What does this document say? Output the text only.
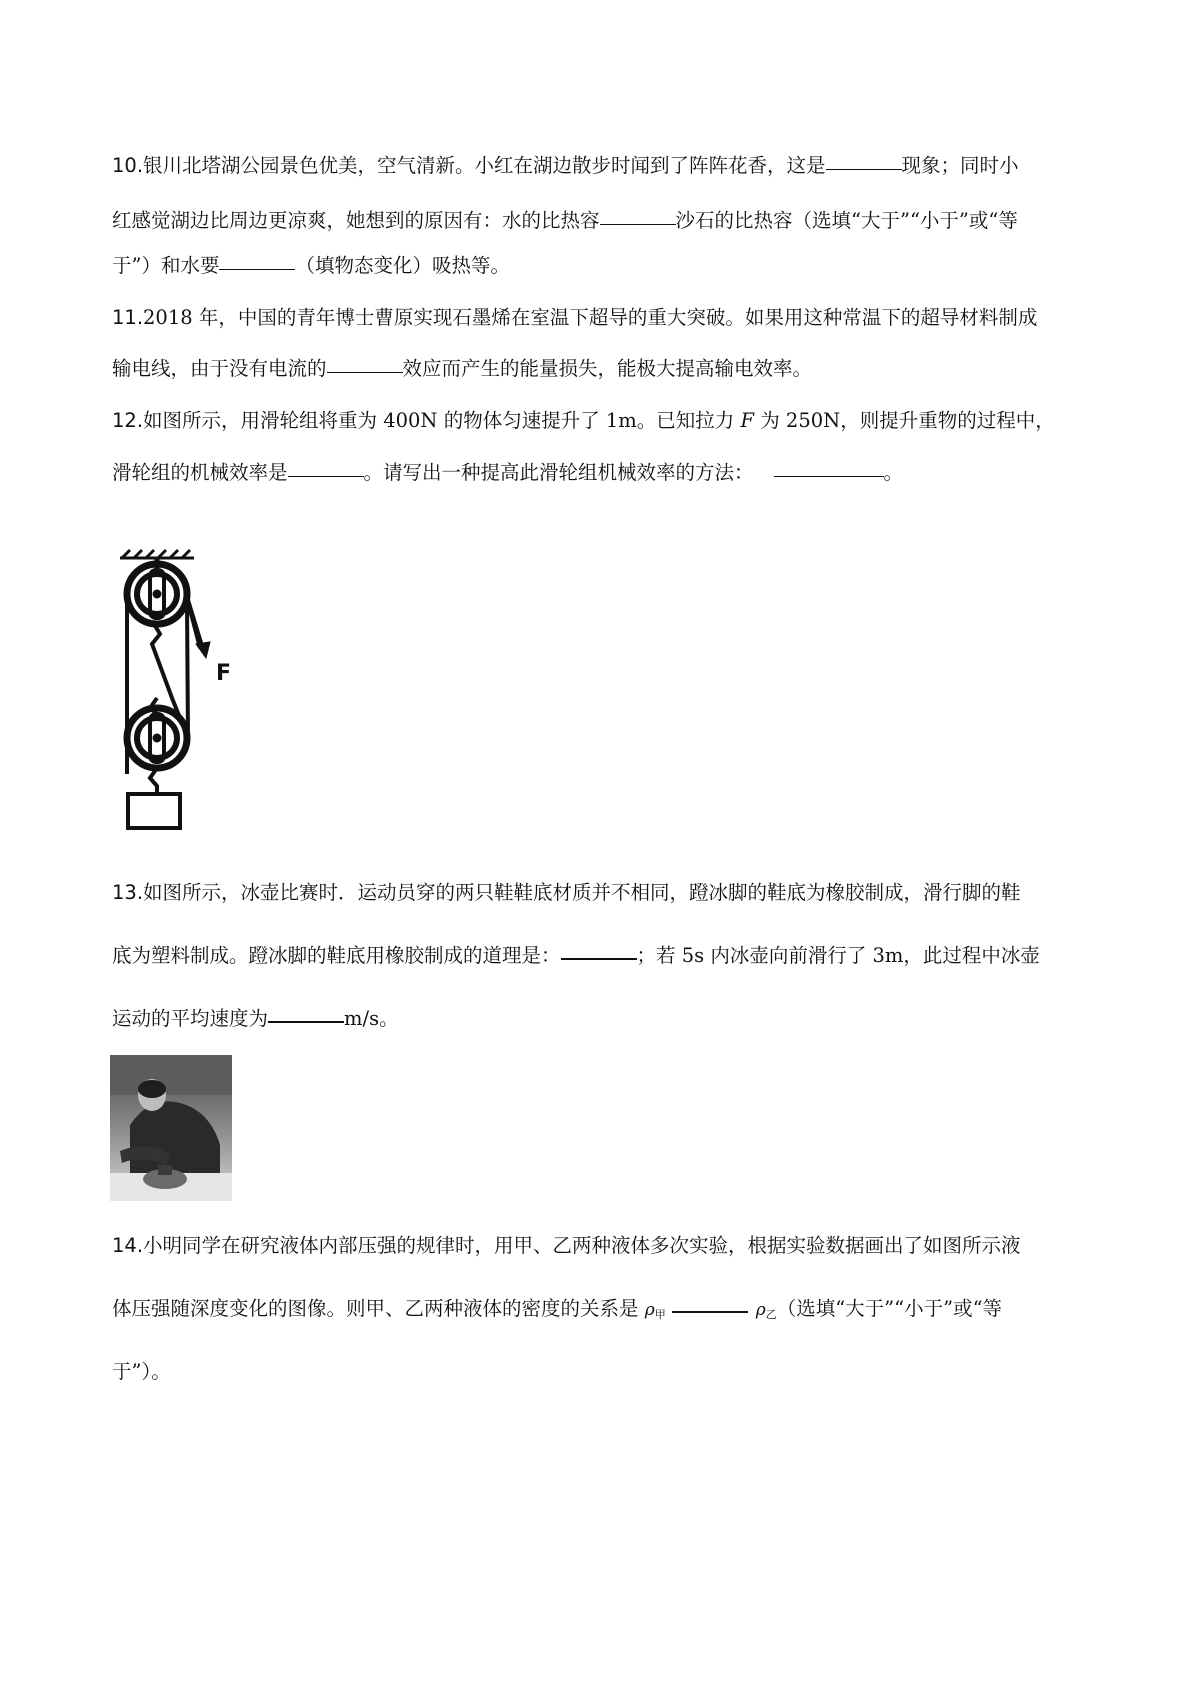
10.银川北塔湖公园景色优美，空气清新。小红在湖边散步时闻到了阵阵花香，这是	现象；同时小
红感觉湖边比周边更凉爽，她想到的原因有：水的比热容	沙石的比热容（选填“大于”“小于”或“等
于”）和水要	（填物态变化）吸热等。
11.2018 年，中国的青年博士曹原实现石墨烯在室温下超导的重大突破。如果用这种常温下的超导材料制成
输电线，由于没有电流的	效应而产生的能量损失，能极大提高输电效率。
12.如图所示，用滑轮组将重为 400N 的物体匀速提升了 1m。已知拉力 F 为 250N，则提升重物的过程中，
滑轮组的机械效率是	。请写出一种提高此滑轮组机械效率的方法：	。
F
13.如图所示，冰壶比赛时．运动员穿的两只鞋鞋底材质并不相同，蹬冰脚的鞋底为橡胶制成，滑行脚的鞋
底为塑料制成。蹬冰脚的鞋底用橡胶制成的道理是：	；若 5s 内冰壶向前滑行了 3m，此过程中冰壶
运动的平均速度为	m/s。
14.小明同学在研究液体内部压强的规律时，用甲、乙两种液体多次实验，根据实验数据画出了如图所示液
体压强随深度变化的图像。则甲、乙两种液体的密度的关系是 $\rho_甲$	$\rho_乙$（选填“大于”“小于”或“等
于”）。
